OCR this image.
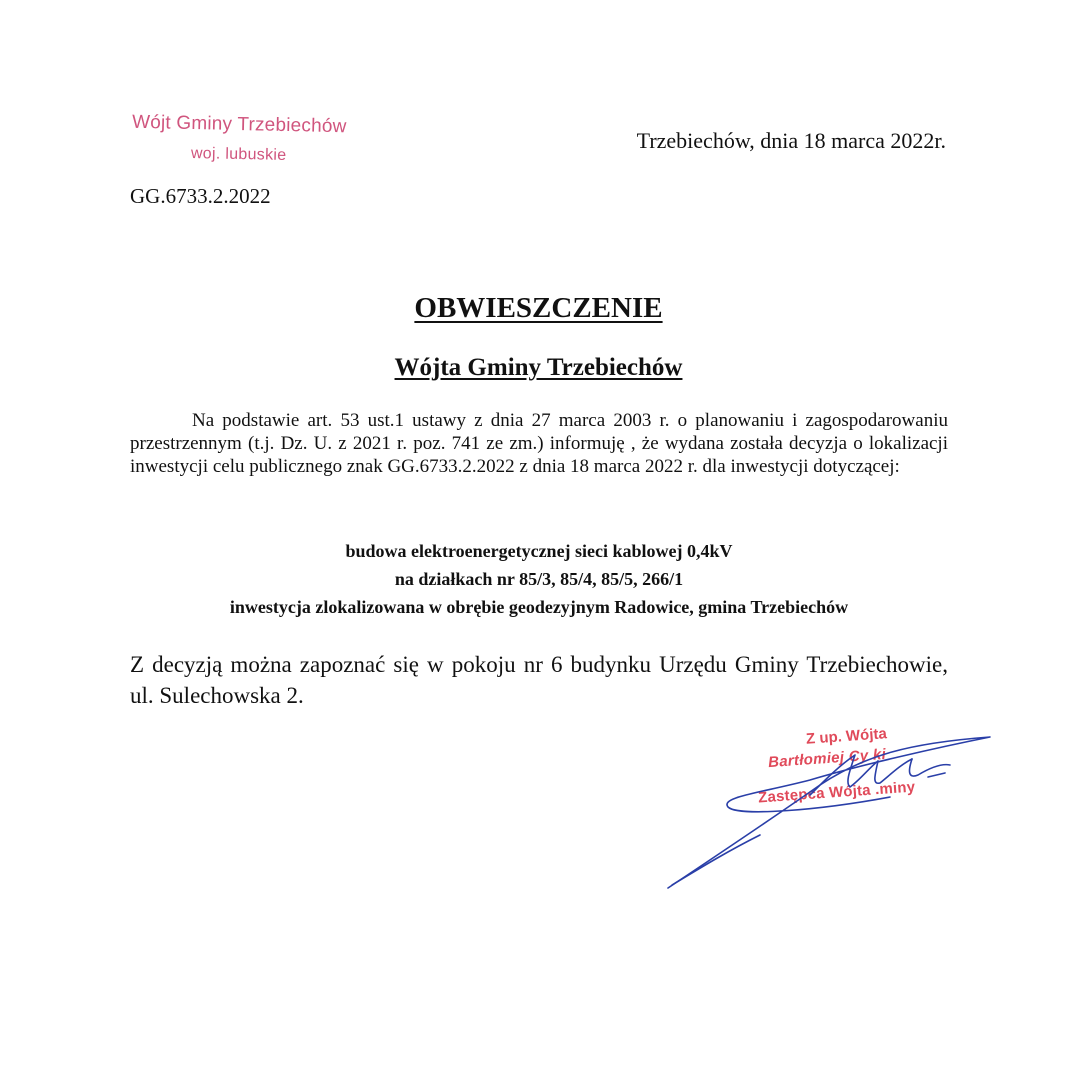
Wójt Gminy Trzebiechów
woj. lubuskie
GG.6733.2.2022
Trzebiechów, dnia 18 marca 2022r.
OBWIESZCZENIE
Wójta Gminy Trzebiechów

Na podstawie art. 53 ust.1 ustawy z dnia 27 marca 2003 r. o planowaniu i zagospodarowaniu przestrzennym (t.j. Dz. U. z 2021 r. poz. 741 ze zm.) informuję , że wydana została decyzja o lokalizacji inwestycji celu publicznego znak GG.6733.2.2022 z dnia 18 marca 2022 r. dla inwestycji dotyczącej:

budowa elektroenergetycznej sieci kablowej 0,4kV
na działkach nr 85/3, 85/4, 85/5, 266/1
inwestycja zlokalizowana w obrębie geodezyjnym Radowice, gmina Trzebiechów

Z decyzją można zapoznać się w pokoju nr 6 budynku Urzędu Gminy Trzebiechowie, ul. Sulechowska 2.

Z up. Wójta
Bartłomiej Cy ki
Zastępca Wójta .miny
